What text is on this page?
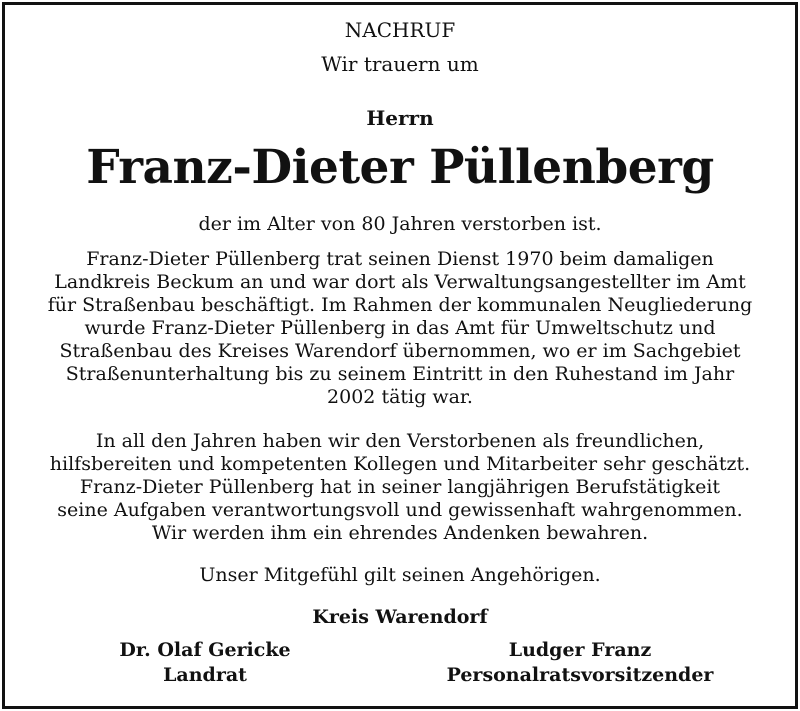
NACHRUF
Wir trauern um
Herrn
Franz-Dieter Püllenberg
der im Alter von 80 Jahren verstorben ist.
Franz-Dieter Püllenberg trat seinen Dienst 1970 beim damaligen
Landkreis Beckum an und war dort als Verwaltungsangestellter im Amt
für Straßenbau beschäftigt. Im Rahmen der kommunalen Neugliederung
wurde Franz-Dieter Püllenberg in das Amt für Umweltschutz und
Straßenbau des Kreises Warendorf übernommen, wo er im Sachgebiet
Straßenunterhaltung bis zu seinem Eintritt in den Ruhestand im Jahr
2002 tätig war.
In all den Jahren haben wir den Verstorbenen als freundlichen,
hilfsbereiten und kompetenten Kollegen und Mitarbeiter sehr geschätzt.
Franz-Dieter Püllenberg hat in seiner langjährigen Berufstätigkeit
seine Aufgaben verantwortungsvoll und gewissenhaft wahrgenommen.
Wir werden ihm ein ehrendes Andenken bewahren.
Unser Mitgefühl gilt seinen Angehörigen.
Kreis Warendorf
Dr. Olaf Gericke
Landrat
Ludger Franz
Personalratsvorsitzender
